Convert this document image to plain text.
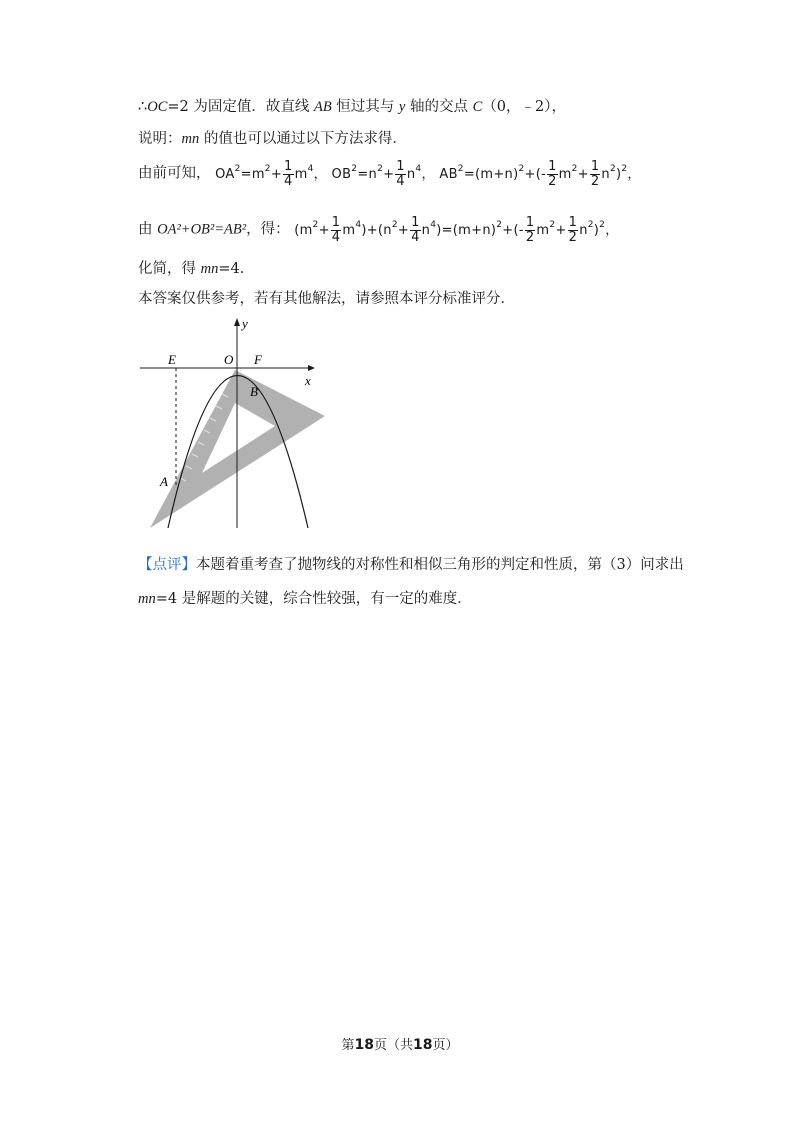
∴OC=2 为固定值．故直线 AB 恒过其与 y 轴的交点 C（0，﹣2），
说明：mn 的值也可以通过以下方法求得．
由前可知， $OA^2=m^2+ \frac{1}{4} m^4$， $OB^2=n^2+ \frac{1}{4} n^4$， $AB^2=(m+n)^2+(- \frac{1}{2} m^2+ \frac{1}{2} n^2)^2$，
由 OA²+OB²=AB²，得： $(m^2+ \frac{1}{4} m^4)+(n^2+ \frac{1}{4} n^4)=(m+n)^2+(- \frac{1}{2} m^2+ \frac{1}{2} n^2)^2$，
化简，得 mn=4．
本答案仅供参考，若有其他解法，请参照本评分标准评分．
y
x
E	O F
B
A
【点评】本题着重考查了抛物线的对称性和相似三角形的判定和性质，第（3）问求出
mn=4 是解题的关键，综合性较强，有一定的难度．
第18页（共18页）
